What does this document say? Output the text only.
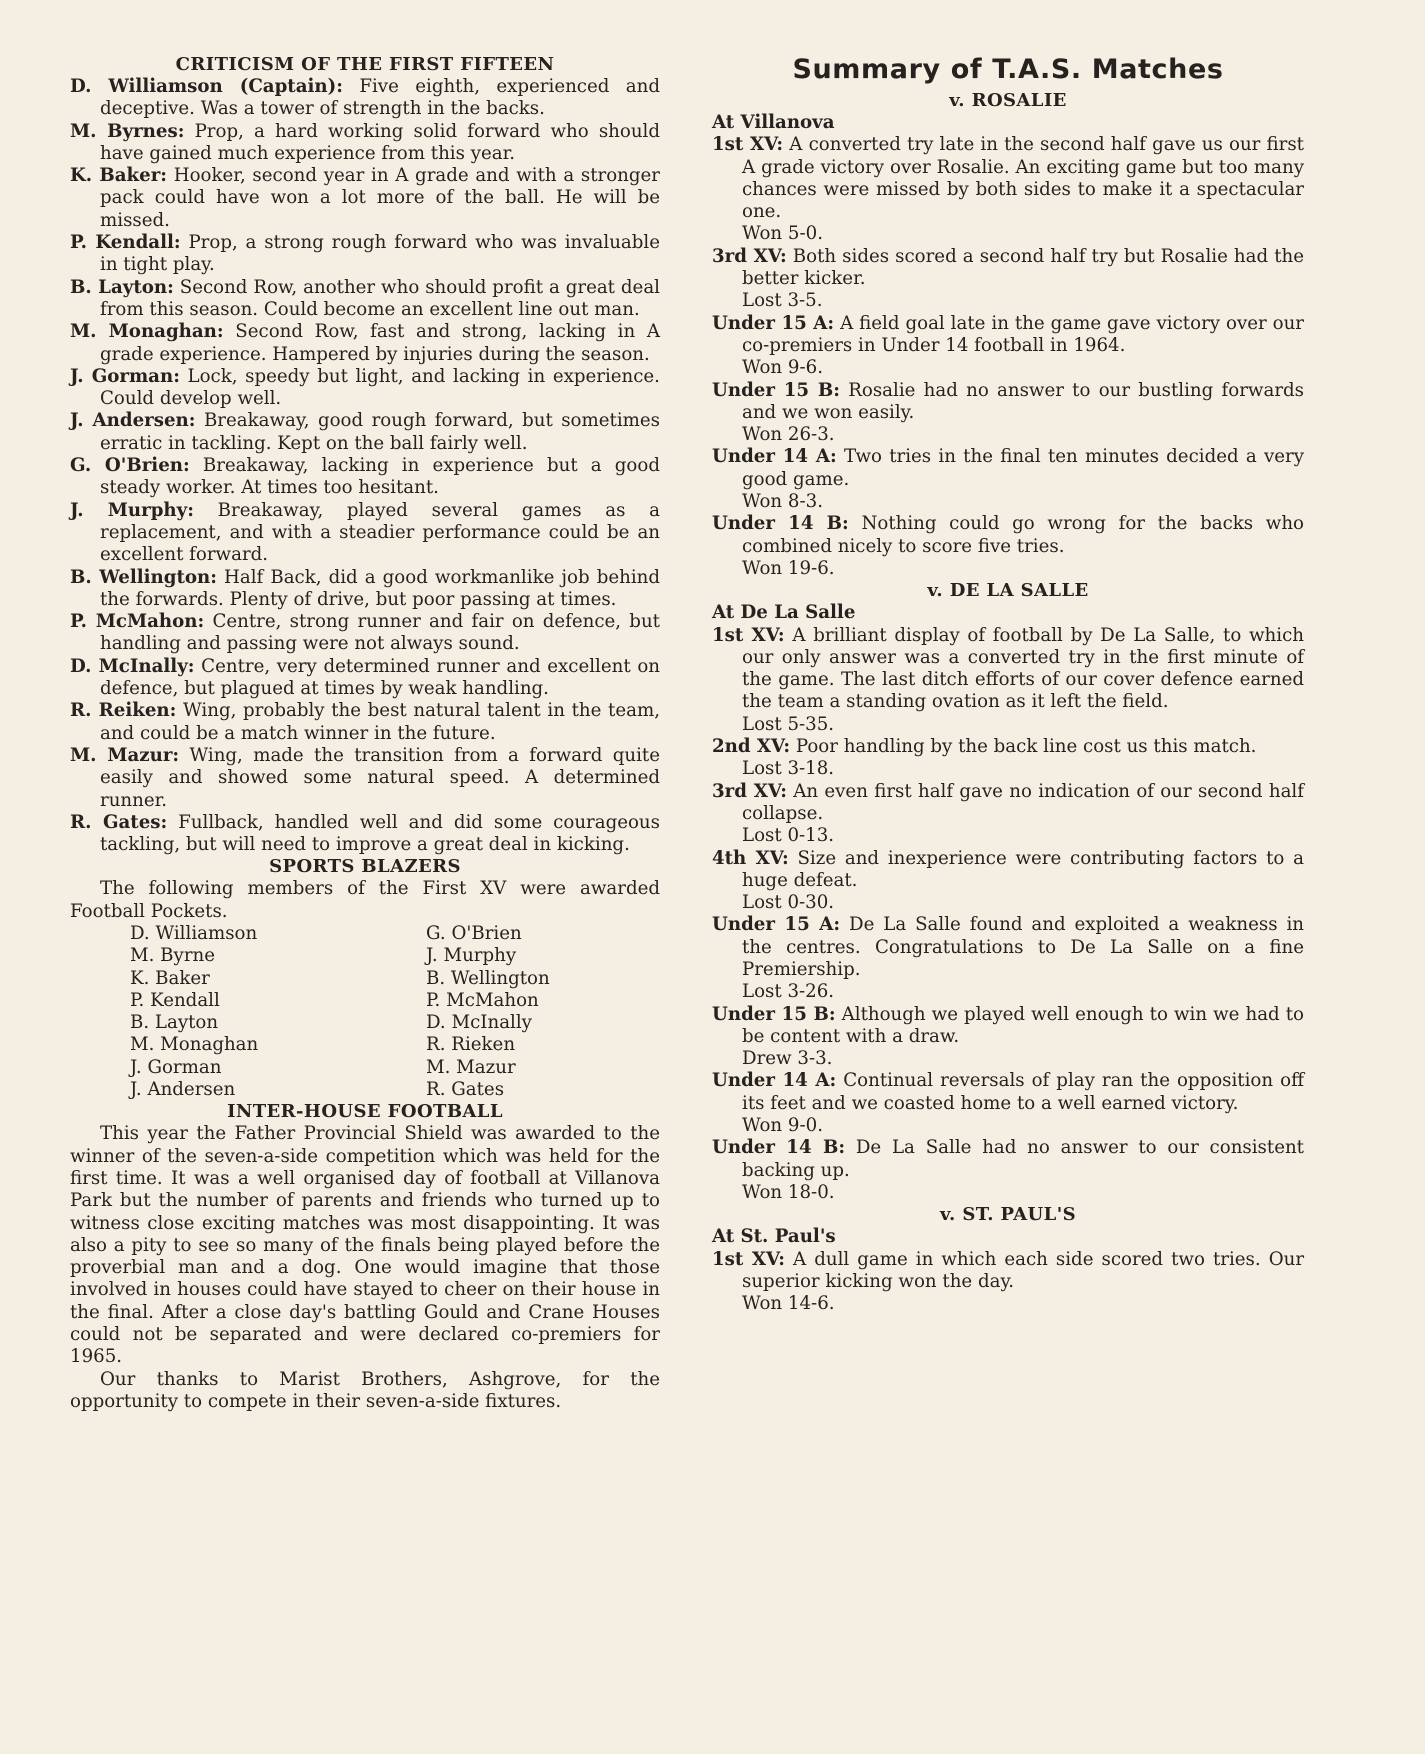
CRITICISM OF THE FIRST FIFTEEN

D. Williamson (Captain): Five eighth, experienced and deceptive. Was a tower of strength in the backs.

M. Byrnes: Prop, a hard working solid forward who should have gained much experience from this year.

K. Baker: Hooker, second year in A grade and with a stronger pack could have won a lot more of the ball. He will be missed.

P. Kendall: Prop, a strong rough forward who was invaluable in tight play.

B. Layton: Second Row, another who should profit a great deal from this season. Could become an excellent line out man.

M. Monaghan: Second Row, fast and strong, lacking in A grade experience. Hampered by injuries during the season.

J. Gorman: Lock, speedy but light, and lacking in experience. Could develop well.

J. Andersen: Breakaway, good rough forward, but sometimes erratic in tackling. Kept on the ball fairly well.

G. O'Brien: Breakaway, lacking in experience but a good steady worker. At times too hesitant.

J. Murphy: Breakaway, played several games as a replacement, and with a steadier performance could be an excellent forward.

B. Wellington: Half Back, did a good workmanlike job behind the forwards. Plenty of drive, but poor passing at times.

P. McMahon: Centre, strong runner and fair on defence, but handling and passing were not always sound.

D. McInally: Centre, very determined runner and excellent on defence, but plagued at times by weak handling.

R. Reiken: Wing, probably the best natural talent in the team, and could be a match winner in the future.

M. Mazur: Wing, made the transition from a forward quite easily and showed some natural speed. A determined runner.

R. Gates: Fullback, handled well and did some courageous tackling, but will need to improve a great deal in kicking.

SPORTS BLAZERS

The following members of the First XV were awarded Football Pockets.

D. Williamson	G. O'Brien
M. Byrne	J. Murphy
K. Baker	B. Wellington
P. Kendall	P. McMahon
B. Layton	D. McInally
M. Monaghan	R. Rieken
J. Gorman	M. Mazur
J. Andersen	R. Gates
INTER-HOUSE FOOTBALL

This year the Father Provincial Shield was awarded to the winner of the seven-a-side competition which was held for the first time. It was a well organised day of football at Villanova Park but the number of parents and friends who turned up to witness close exciting matches was most disappointing. It was also a pity to see so many of the finals being played before the proverbial man and a dog. One would imagine that those involved in houses could have stayed to cheer on their house in the final. After a close day's battling Gould and Crane Houses could not be separated and were declared co-premiers for 1965.

Our thanks to Marist Brothers, Ashgrove, for the opportunity to compete in their seven-a-side fixtures.

Summary of T.A.S. Matches
v. ROSALIE

At Villanova

1st XV: A converted try late in the second half gave us our first A grade victory over Rosalie. An exciting game but too many chances were missed by both sides to make it a spectacular one.

Won 5-0.

3rd XV: Both sides scored a second half try but Rosalie had the better kicker.

Lost 3-5.

Under 15 A: A field goal late in the game gave victory over our co-premiers in Under 14 football in 1964.

Won 9-6.

Under 15 B: Rosalie had no answer to our bustling forwards and we won easily.

Won 26-3.

Under 14 A: Two tries in the final ten minutes decided a very good game.

Won 8-3.

Under 14 B: Nothing could go wrong for the backs who combined nicely to score five tries.

Won 19-6.

v. DE LA SALLE

At De La Salle

1st XV: A brilliant display of football by De La Salle, to which our only answer was a converted try in the first minute of the game. The last ditch efforts of our cover defence earned the team a standing ovation as it left the field.

Lost 5-35.

2nd XV: Poor handling by the back line cost us this match.

Lost 3-18.

3rd XV: An even first half gave no indication of our second half collapse.

Lost 0-13.

4th XV: Size and inexperience were contributing factors to a huge defeat.

Lost 0-30.

Under 15 A: De La Salle found and exploited a weakness in the centres. Congratulations to De La Salle on a fine Premiership.

Lost 3-26.

Under 15 B: Although we played well enough to win we had to be content with a draw.

Drew 3-3.

Under 14 A: Continual reversals of play ran the opposition off its feet and we coasted home to a well earned victory.

Won 9-0.

Under 14 B: De La Salle had no answer to our consistent backing up.

Won 18-0.

v. ST. PAUL'S

At St. Paul's

1st XV: A dull game in which each side scored two tries. Our superior kicking won the day.

Won 14-6.
